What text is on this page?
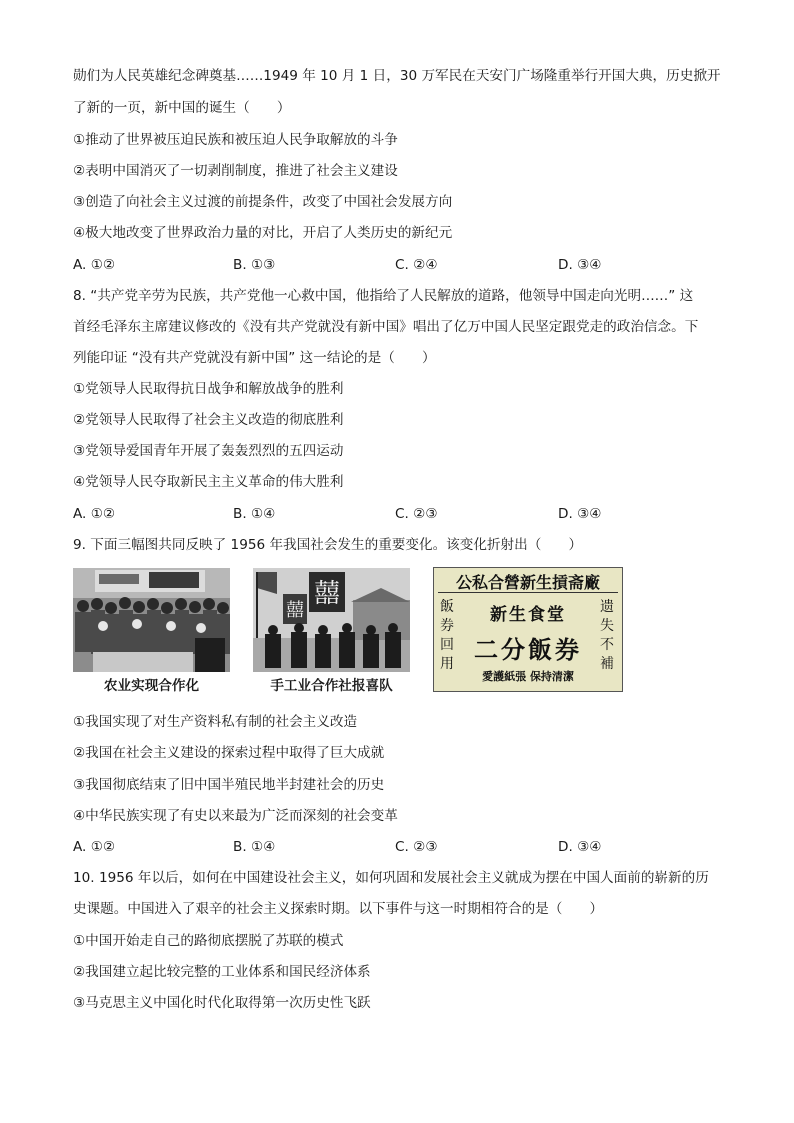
勋们为人民英雄纪念碑奠基……1949 年 10 月 1 日，30 万军民在天安门广场隆重举行开国大典，历史掀开
了新的一页，新中国的诞生（　　）
①推动了世界被压迫民族和被压迫人民争取解放的斗争
②表明中国消灭了一切剥削制度，推进了社会主义建设
③创造了向社会主义过渡的前提条件，改变了中国社会发展方向
④极大地改变了世界政治力量的对比，开启了人类历史的新纪元
A. ①②	B. ①③	C. ②④	D. ③④
8. “共产党辛劳为民族，共产党他一心救中国，他指给了人民解放的道路，他领导中国走向光明……” 这
首经毛泽东主席建议修改的《没有共产党就没有新中国》唱出了亿万中国人民坚定跟党走的政治信念。下
列能印证 “没有共产党就没有新中国” 这一结论的是（　　）
①党领导人民取得抗日战争和解放战争的胜利
②党领导人民取得了社会主义改造的彻底胜利
③党领导爱国青年开展了轰轰烈烈的五四运动
④党领导人民夺取新民主主义革命的伟大胜利
A. ①②	B. ①④	C. ②③	D. ③④
9. 下面三幅图共同反映了 1956 年我国社会发生的重要变化。该变化折射出（　　）
农业实现合作化
囍
囍
手工业合作社报喜队
公私合營新生摃斋廠
飯券回用
遗失不補
新生食堂
二分飯券
愛護紙張 保持清潔
①我国实现了对生产资料私有制的社会主义改造
②我国在社会主义建设的探索过程中取得了巨大成就
③我国彻底结束了旧中国半殖民地半封建社会的历史
④中华民族实现了有史以来最为广泛而深刻的社会变革
A. ①②	B. ①④	C. ②③	D. ③④
10. 1956 年以后，如何在中国建设社会主义，如何巩固和发展社会主义就成为摆在中国人面前的崭新的历
史课题。中国进入了艰辛的社会主义探索时期。以下事件与这一时期相符合的是（　　）
①中国开始走自己的路彻底摆脱了苏联的模式
②我国建立起比较完整的工业体系和国民经济体系
③马克思主义中国化时代化取得第一次历史性飞跃
